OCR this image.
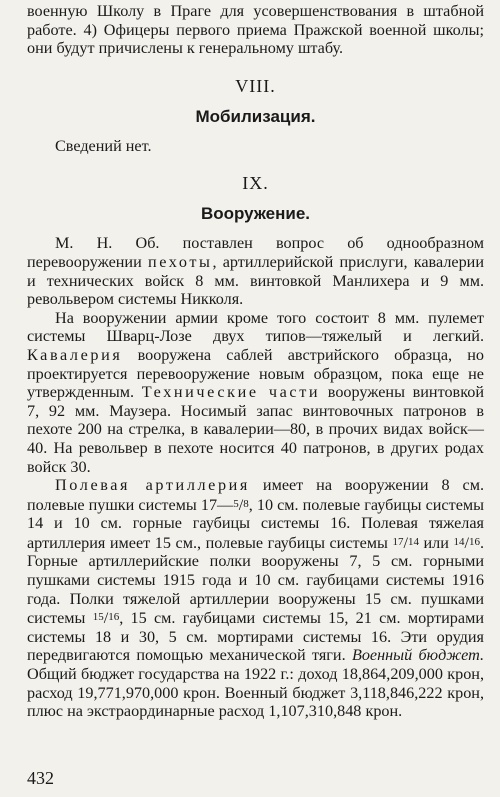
военную Школу в Праге для усовершенствования в штабной работе. 4) Офицеры первого приема Пражской военной школы; они будут причислены к генеральному штабу.

VIII.
Мобилизация.

Сведений нет.

IX.
Вооружение.

М. Н. Об. поставлен вопрос об однообразном перевооружении пехоты, артиллерийской прислуги, кавалерии и технических войск 8 мм. винтовкой Манлихера и 9 мм. револьвером системы Никколя.

На вооружении армии кроме того состоит 8 мм. пулемет системы Шварц-Лозе двух типов—тяжелый и легкий. Кавалерия вооружена саблей австрийского образца, но проектируется перевооружение новым образцом, пока еще не утвержденным. Технические части вооружены винтовкой 7, 92 мм. Маузера. Носимый запас винтовочных патронов в пехоте 200 на стрелка, в кавалерии—80, в прочих видах войск—40. На револьвер в пехоте носится 40 патронов, в других родах войск 30.

Полевая артиллерия имеет на вооружении 8 см. полевые пушки системы 17—5/8, 10 см. полевые гаубицы системы 14 и 10 см. горные гаубицы системы 16. Полевая тяжелая артиллерия имеет 15 см., полевые гаубицы системы 17/14 или 14/16. Горные артиллерийские полки вооружены 7, 5 см. горными пушками системы 1915 года и 10 см. гаубицами системы 1916 года. Полки тяжелой артиллерии вооружены 15 см. пушками системы 15/16, 15 см. гаубицами системы 15, 21 см. мортирами системы 18 и 30, 5 см. мортирами системы 16. Эти орудия передвигаются помощью механической тяги. Военный бюджет. Общий бюджет государства на 1922 г.: доход 18,864,209,000 крон, расход 19,771,970,000 крон. Военный бюджет 3,118,846,222 крон, плюс на экстраординарные расход 1,107,310,848 крон.

432
